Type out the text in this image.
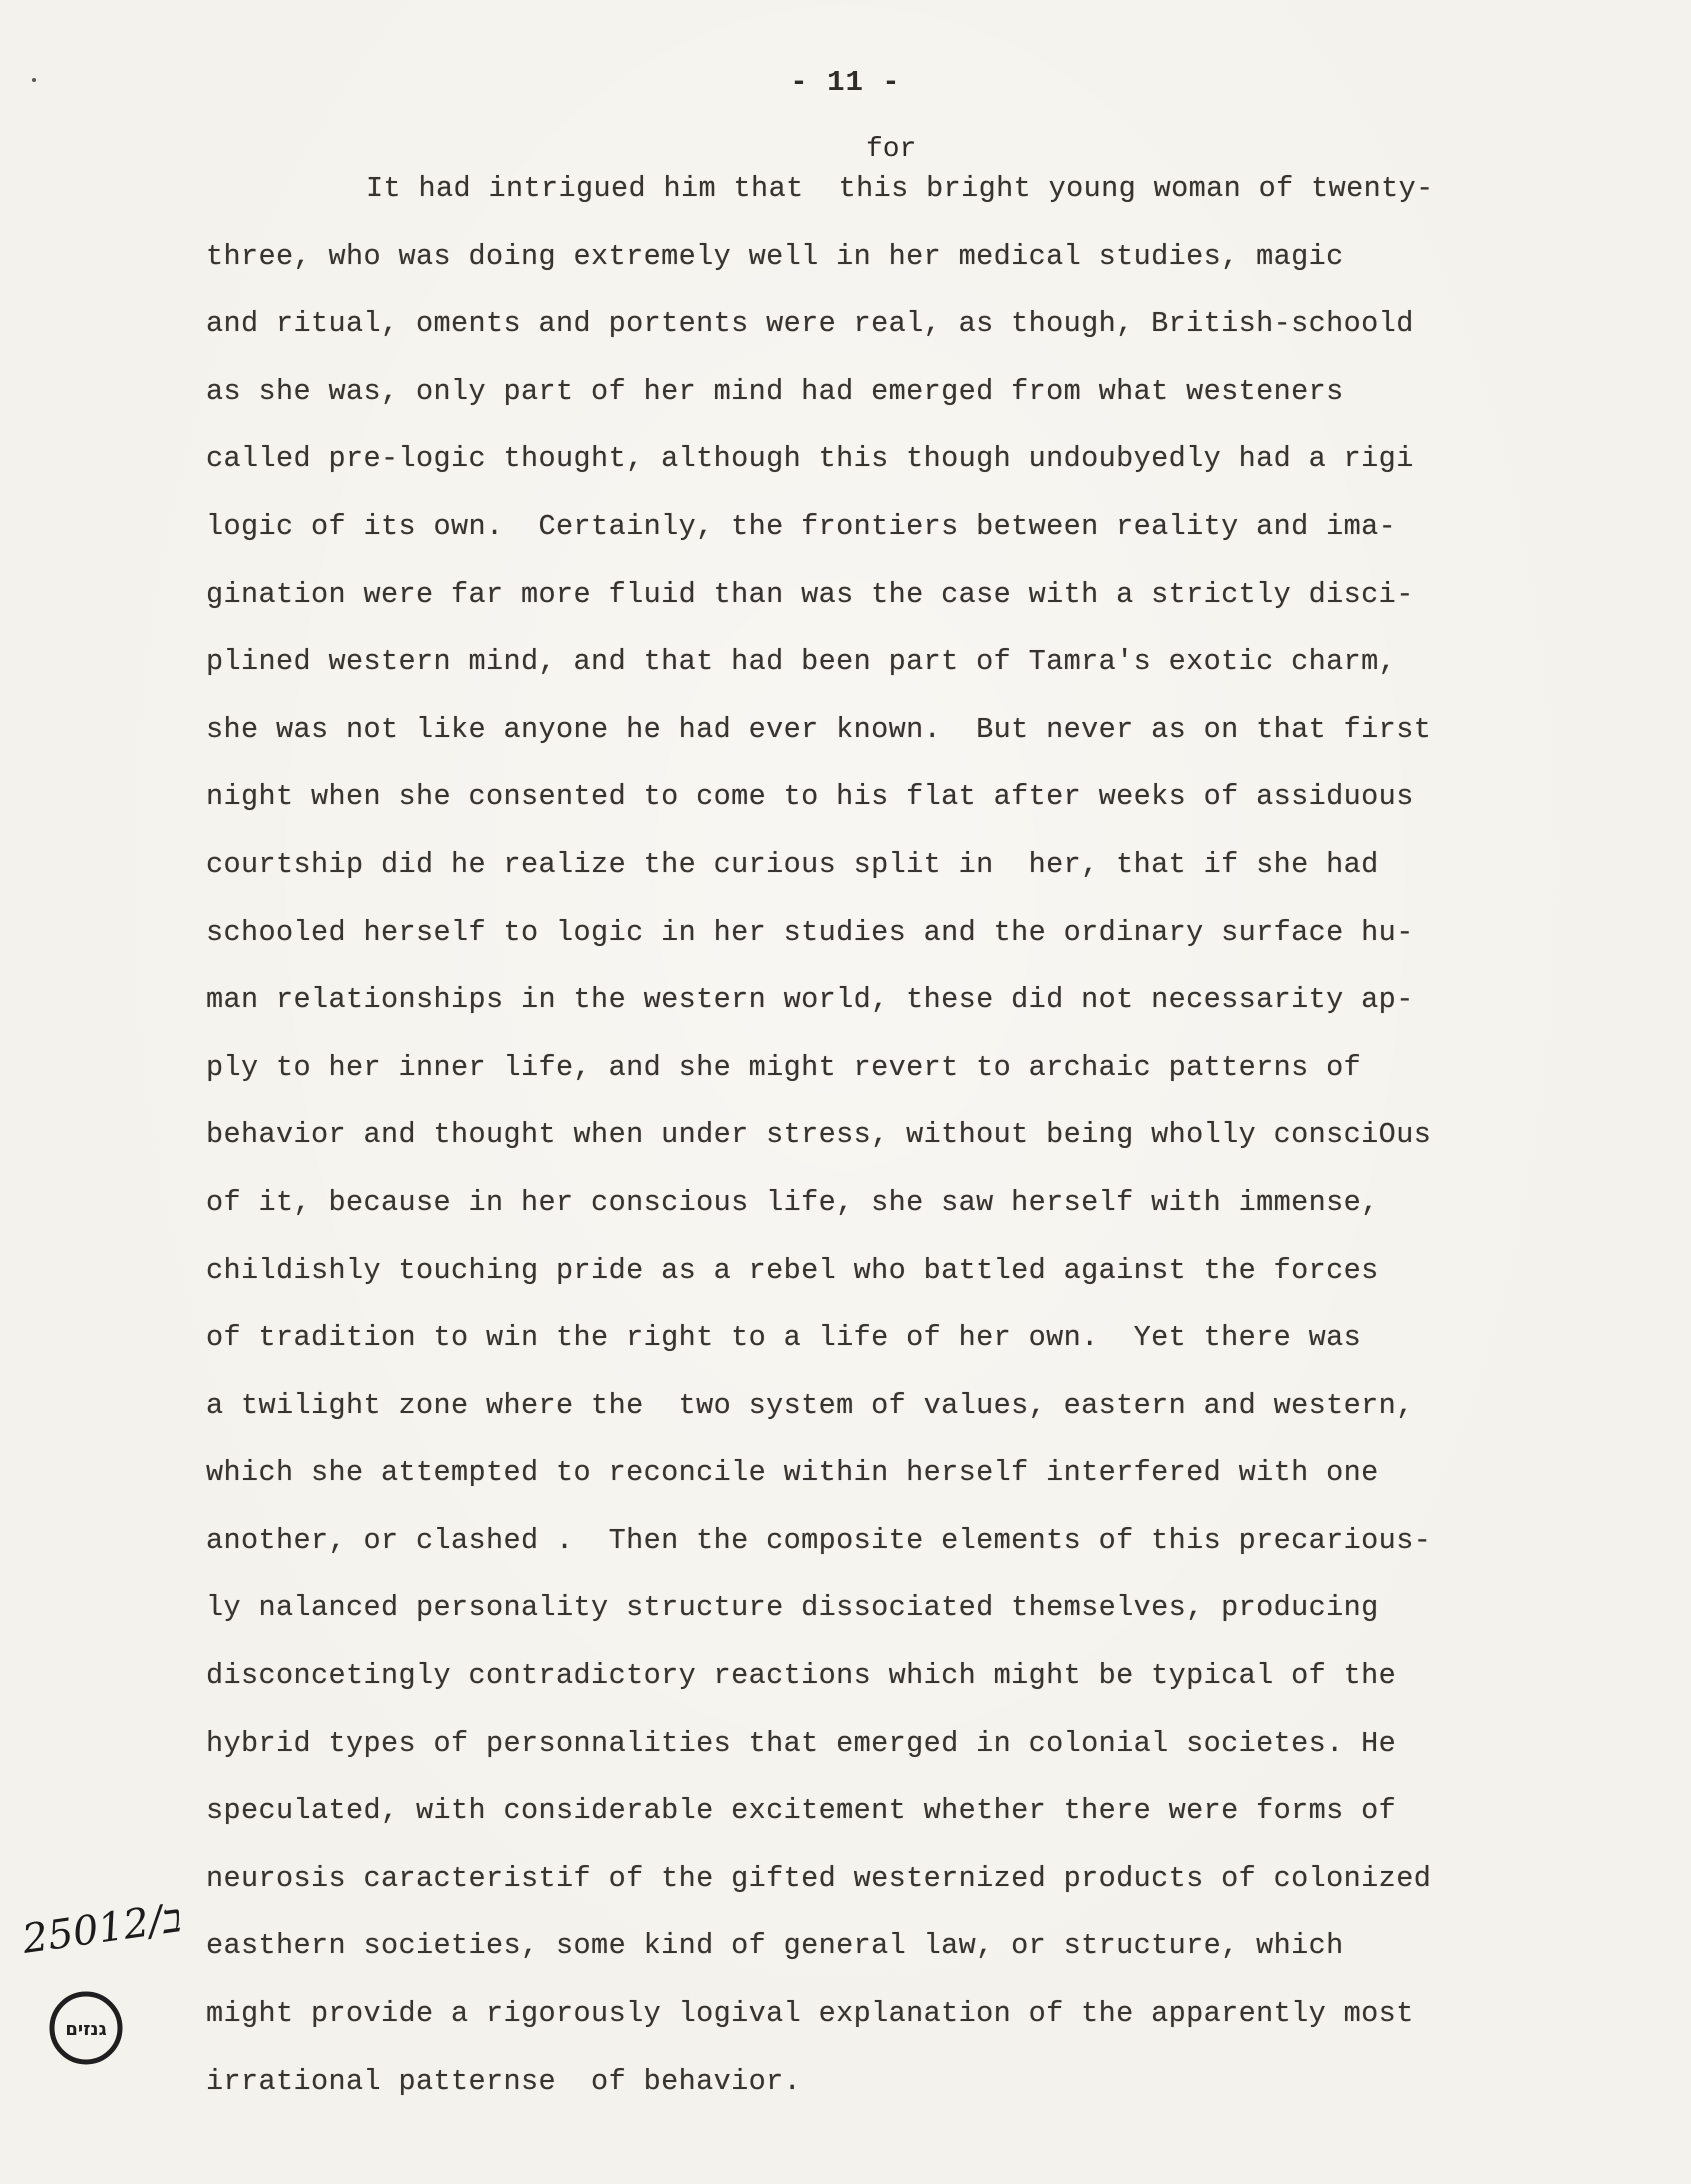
- 11 -
for
It had intrigued him that  this bright young woman of twenty-
three, who was doing extremely well in her medical studies, magic
and ritual, oments and portents were real, as though, British-schoold
as she was, only part of her mind had emerged from what westeners
called pre-logic thought, although this though undoubyedly had a rigi
logic of its own.  Certainly, the frontiers between reality and ima-
gination were far more fluid than was the case with a strictly disci-
plined western mind, and that had been part of Tamra's exotic charm,
she was not like anyone he had ever known.  But never as on that first
night when she consented to come to his flat after weeks of assiduous
courtship did he realize the curious split in  her, that if she had
schooled herself to logic in her studies and the ordinary surface hu-
man relationships in the western world, these did not necessarity ap-
ply to her inner life, and she might revert to archaic patterns of
behavior and thought when under stress, without being wholly consciOus
of it, because in her conscious life, she saw herself with immense,
childishly touching pride as a rebel who battled against the forces
of tradition to win the right to a life of her own.  Yet there was
a twilight zone where the  two system of values, eastern and western,
which she attempted to reconcile within herself interfered with one
another, or clashed .  Then the composite elements of this precarious-
ly nalanced personality structure dissociated themselves, producing
disconcetingly contradictory reactions which might be typical of the
hybrid types of personnalities that emerged in colonial societes. He
speculated, with considerable excitement whether there were forms of
neurosis caracteristif of the gifted westernized products of colonized
easthern societies, some kind of general law, or structure, which
might provide a rigorously logival explanation of the apparently most
irrational patternse  of behavior.
25012/ב
גנזים
